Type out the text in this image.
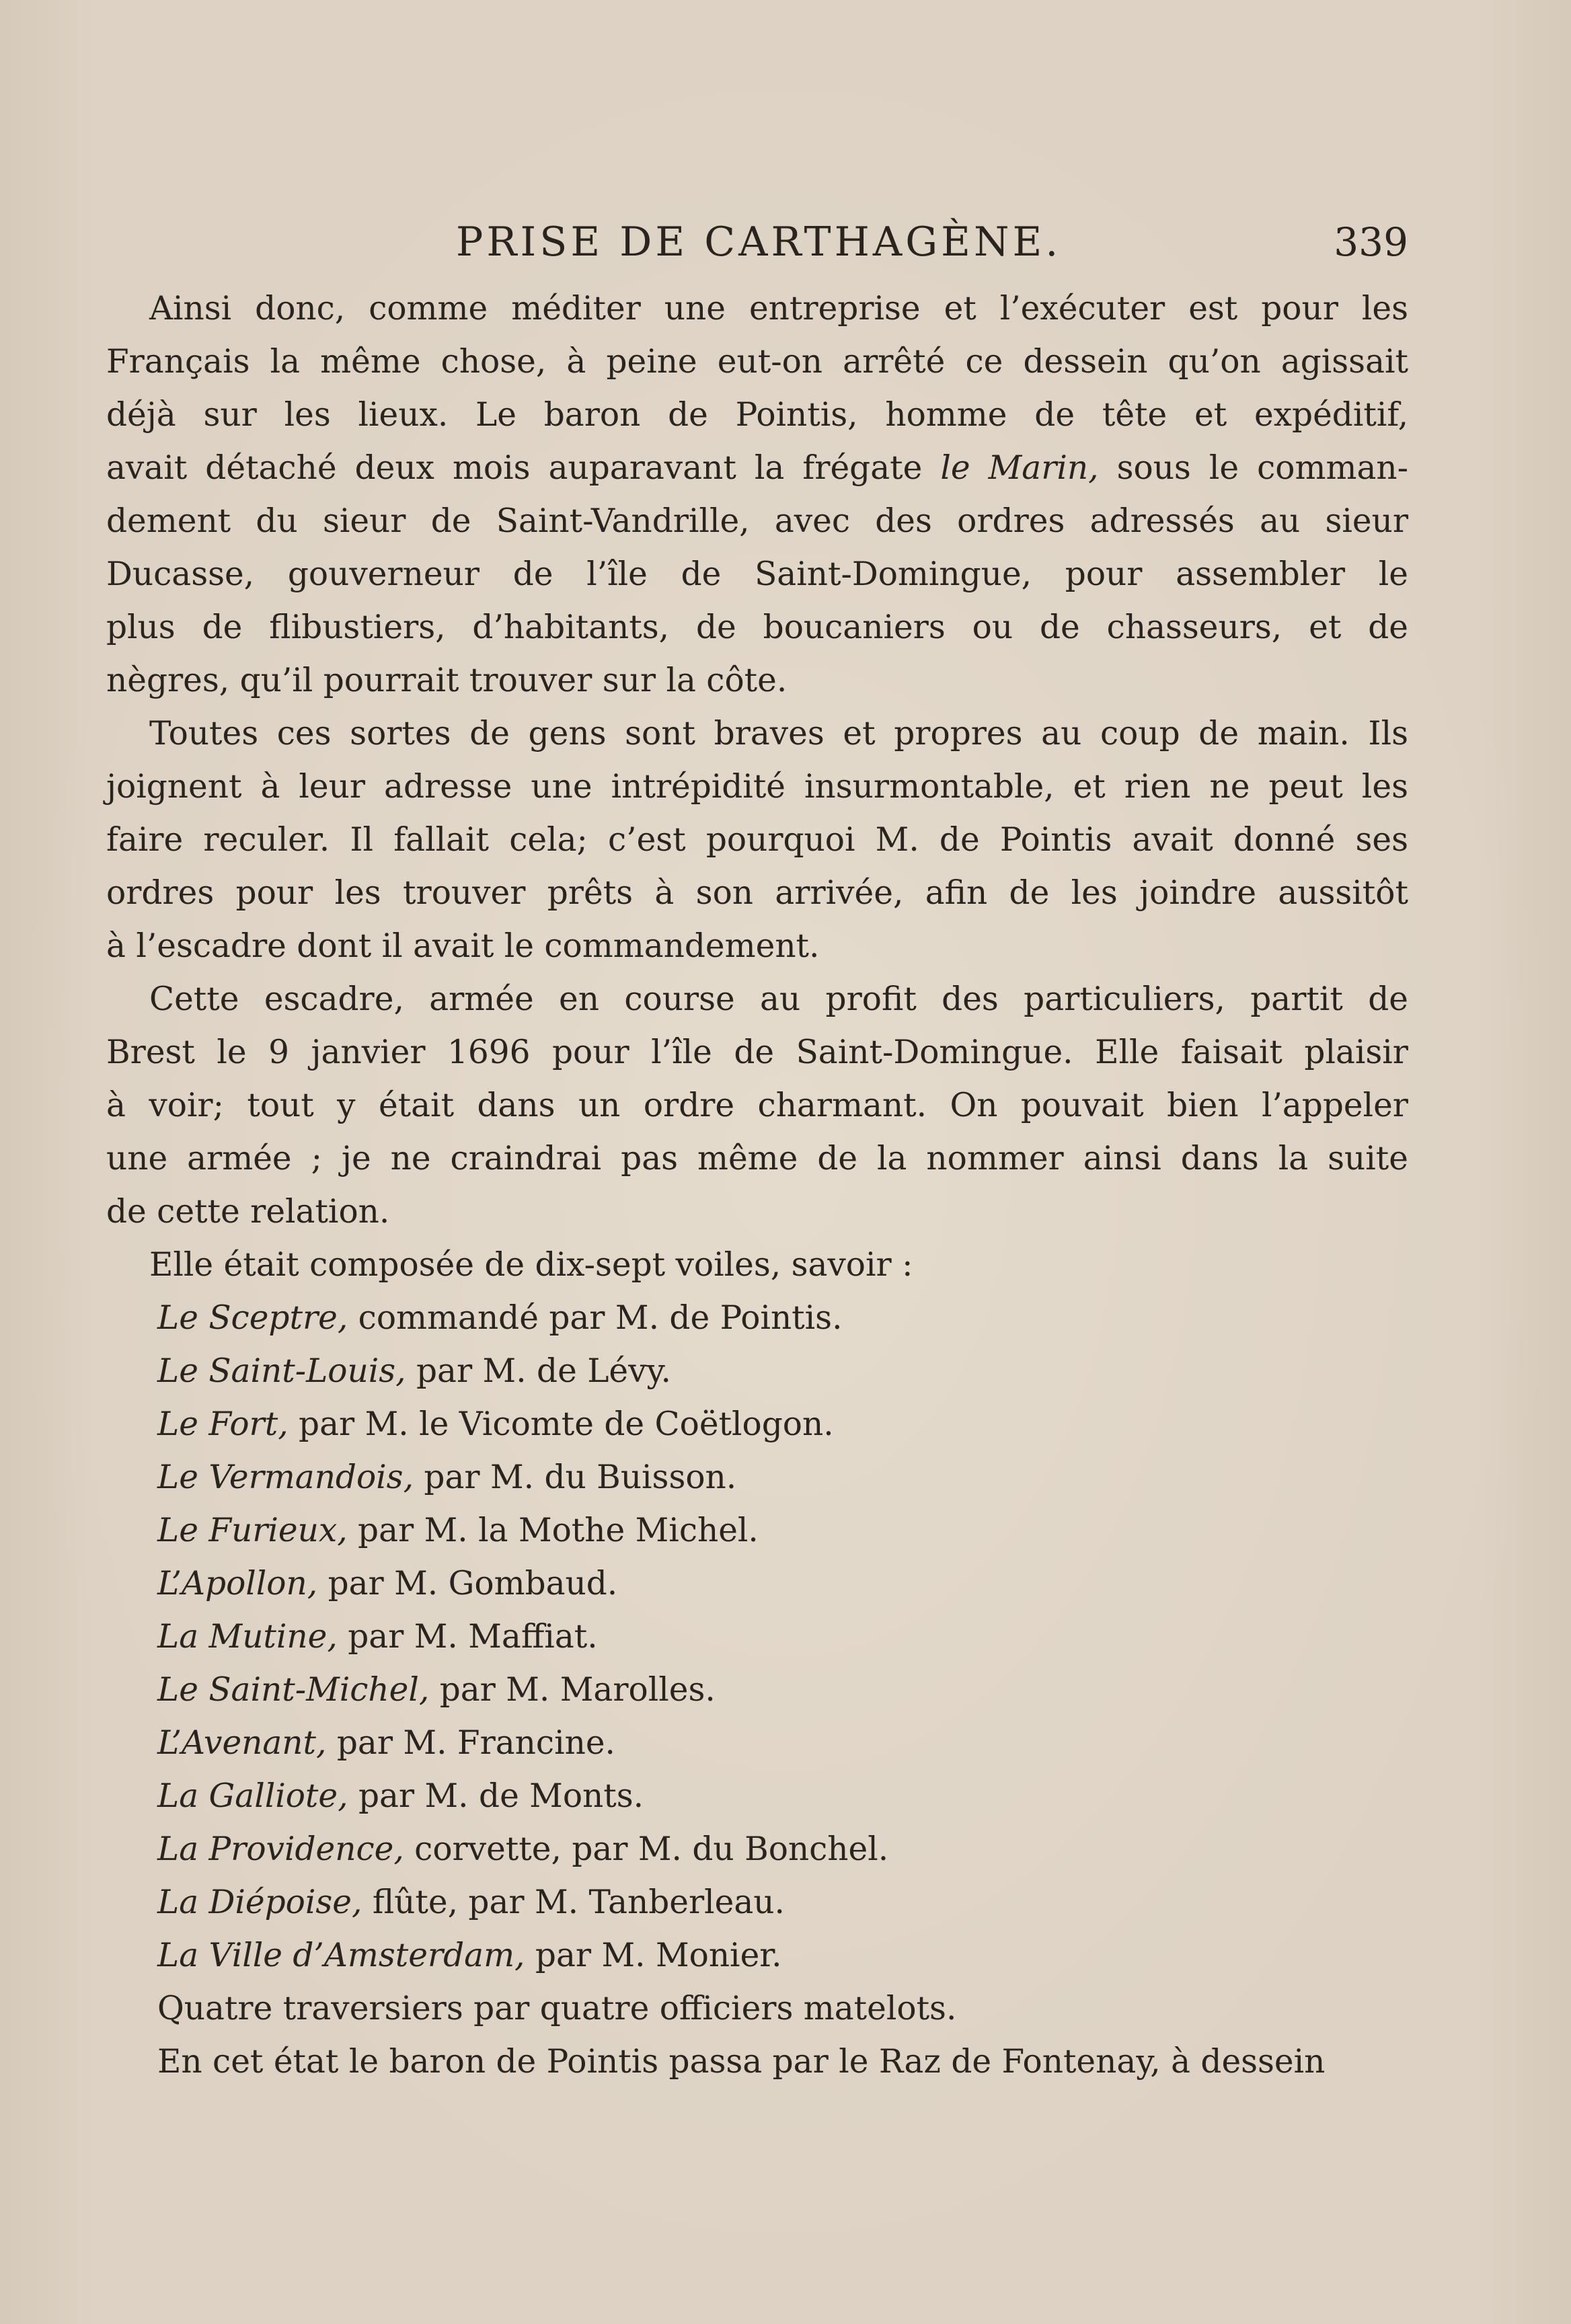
PRISE DE CARTHAGÈNE.	339
Ainsi donc, comme méditer une entreprise et l’exécuter est pour les
Français la même chose, à peine eut-on arrêté ce dessein qu’on agissait
déjà sur les lieux. Le baron de Pointis, homme de tête et expéditif,
avait détaché deux mois auparavant la frégate le Marin, sous le comman-
dement du sieur de Saint-Vandrille, avec des ordres adressés au sieur
Ducasse, gouverneur de l’île de Saint-Domingue, pour assembler le
plus de flibustiers, d’habitants, de boucaniers ou de chasseurs, et de
nègres, qu’il pourrait trouver sur la côte.
Toutes ces sortes de gens sont braves et propres au coup de main. Ils
joignent à leur adresse une intrépidité insurmontable, et rien ne peut les
faire reculer. Il fallait cela; c’est pourquoi M. de Pointis avait donné ses
ordres pour les trouver prêts à son arrivée, afin de les joindre aussitôt
à l’escadre dont il avait le commandement.
Cette escadre, armée en course au profit des particuliers, partit de
Brest le 9 janvier 1696 pour l’île de Saint-Domingue. Elle faisait plaisir
à voir; tout y était dans un ordre charmant. On pouvait bien l’appeler
une armée ; je ne craindrai pas même de la nommer ainsi dans la suite
de cette relation.
Elle était composée de dix-sept voiles, savoir :
Le Sceptre, commandé par M. de Pointis.
Le Saint-Louis, par M. de Lévy.
Le Fort, par M. le Vicomte de Coëtlogon.
Le Vermandois, par M. du Buisson.
Le Furieux, par M. la Mothe Michel.
L’Apollon, par M. Gombaud.
La Mutine, par M. Maffiat.
Le Saint-Michel, par M. Marolles.
L’Avenant, par M. Francine.
La Galliote, par M. de Monts.
La Providence, corvette, par M. du Bonchel.
La Diépoise, flûte, par M. Tanberleau.
La Ville d’Amsterdam, par M. Monier.
Quatre traversiers par quatre officiers matelots.
En cet état le baron de Pointis passa par le Raz de Fontenay, à dessein
